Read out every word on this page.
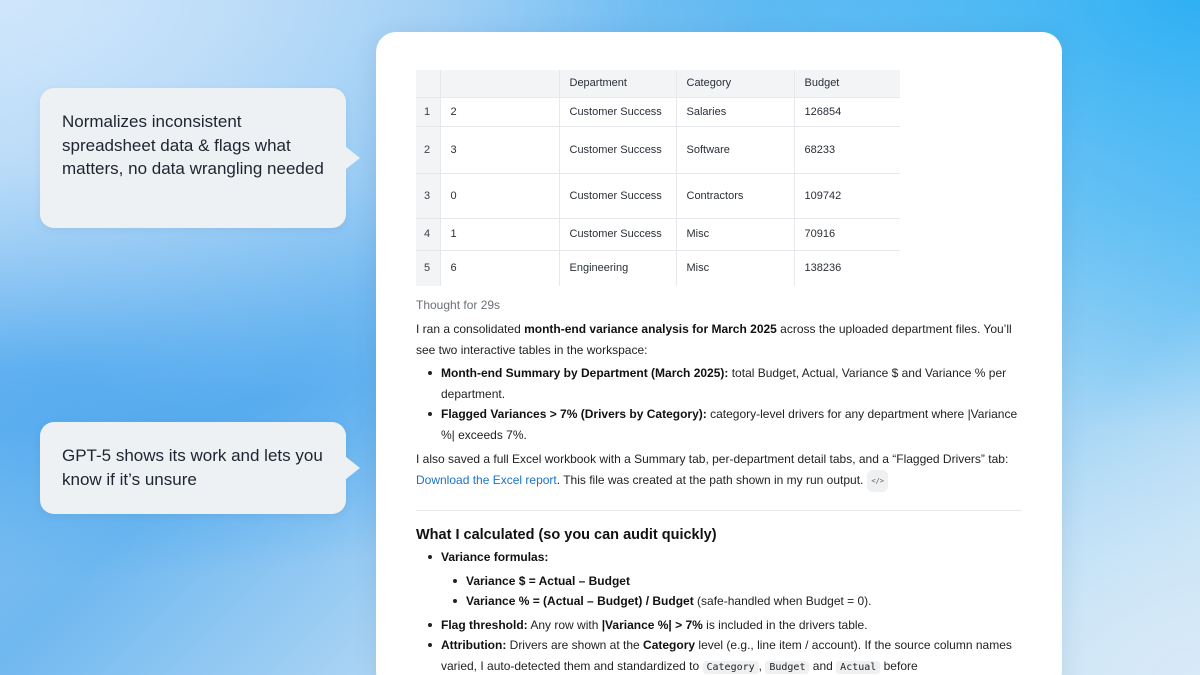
Normalizes inconsistent spreadsheet data & flags what matters, no data wrangling needed
GPT-5 shows its work and lets you know if it’s unsure
		Department	Category	Budget
1	2	Customer Success	Salaries	126854
2	3	Customer Success	Software	68233
3	0	Customer Success	Contractors	109742
4	1	Customer Success	Misc	70916
5	6	Engineering	Misc	138236
Thought for 29s

I ran a consolidated month-end variance analysis for March 2025 across the uploaded department files. You’ll see two interactive tables in the workspace:

Month-end Summary by Department (March 2025): total Budget, Actual, Variance $ and Variance % per department.
Flagged Variances > 7% (Drivers by Category): category-level drivers for any department where |Variance %| exceeds 7%.

I also saved a full Excel workbook with a Summary tab, per-department detail tabs, and a “Flagged Drivers” tab: Download the Excel report. This file was created at the path shown in my run output. </>

What I calculated (so you can audit quickly)
Variance formulas:
Variance $ = Actual – Budget
Variance % = (Actual – Budget) / Budget (safe-handled when Budget = 0).
Flag threshold: Any row with |Variance %| > 7% is included in the drivers table.
Attribution: Drivers are shown at the Category level (e.g., line item / account). If the source column names varied, I auto-detected them and standardized to Category , Budget and Actual before
